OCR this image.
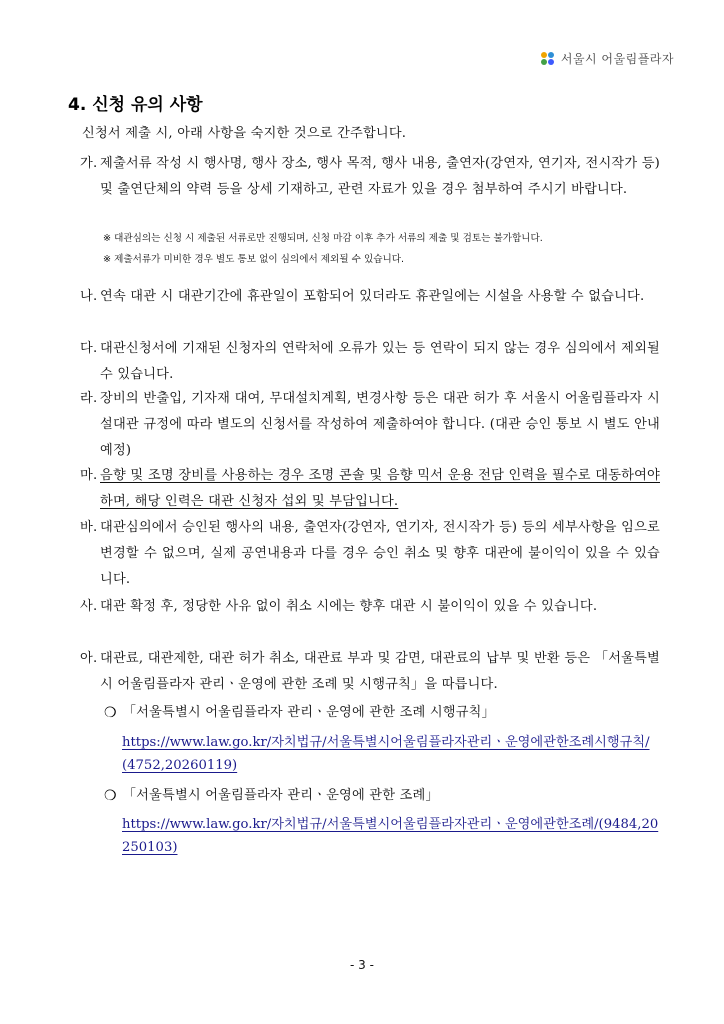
서울시 어울림플라자
4. 신청 유의 사항
신청서 제출 시, 아래 사항을 숙지한 것으로 간주합니다.
가. 제출서류 작성 시 행사명, 행사 장소, 행사 목적, 행사 내용, 출연자(강연자, 연기자, 전시작가 등) 및 출연단체의 약력 등을 상세 기재하고, 관련 자료가 있을 경우 첨부하여 주시기 바랍니다.
※ 대관심의는 신청 시 제출된 서류로만 진행되며, 신청 마감 이후 추가 서류의 제출 및 검토는 불가합니다.
※ 제출서류가 미비한 경우 별도 통보 없이 심의에서 제외될 수 있습니다.
나. 연속 대관 시 대관기간에 휴관일이 포함되어 있더라도 휴관일에는 시설을 사용할 수 없습니다.
다. 대관신청서에 기재된 신청자의 연락처에 오류가 있는 등 연락이 되지 않는 경우 심의에서 제외될 수 있습니다.
라. 장비의 반출입, 기자재 대여, 무대설치계획, 변경사항 등은 대관 허가 후 서울시 어울림플라자 시설대관 규정에 따라 별도의 신청서를 작성하여 제출하여야 합니다. (대관 승인 통보 시 별도 안내 예정)
마. 음향 및 조명 장비를 사용하는 경우 조명 콘솔 및 음향 믹서 운용 전담 인력을 필수로 대동하여야 하며, 해당 인력은 대관 신청자 섭외 및 부담입니다.
바. 대관심의에서 승인된 행사의 내용, 출연자(강연자, 연기자, 전시작가 등) 등의 세부사항을 임으로 변경할 수 없으며, 실제 공연내용과 다를 경우 승인 취소 및 향후 대관에 불이익이 있을 수 있습니다.
사. 대관 확정 후, 정당한 사유 없이 취소 시에는 향후 대관 시 불이익이 있을 수 있습니다.
아. 대관료, 대관제한, 대관 허가 취소, 대관료 부과 및 감면, 대관료의 납부 및 반환 등은 「서울특별시 어울림플라자 관리ㆍ운영에 관한 조례 및 시행규칙」을 따릅니다.
❍ 「서울특별시 어울림플라자 관리ㆍ운영에 관한 조례 시행규칙」
https://www.law.go.kr/자치법규/서울특별시어울림플라자관리ㆍ운영에관한조례시행규칙/(4752,20260119)
❍ 「서울특별시 어울림플라자 관리ㆍ운영에 관한 조례」
https://www.law.go.kr/자치법규/서울특별시어울림플라자관리ㆍ운영에관한조례/(9484,20250103)
- 3 -
